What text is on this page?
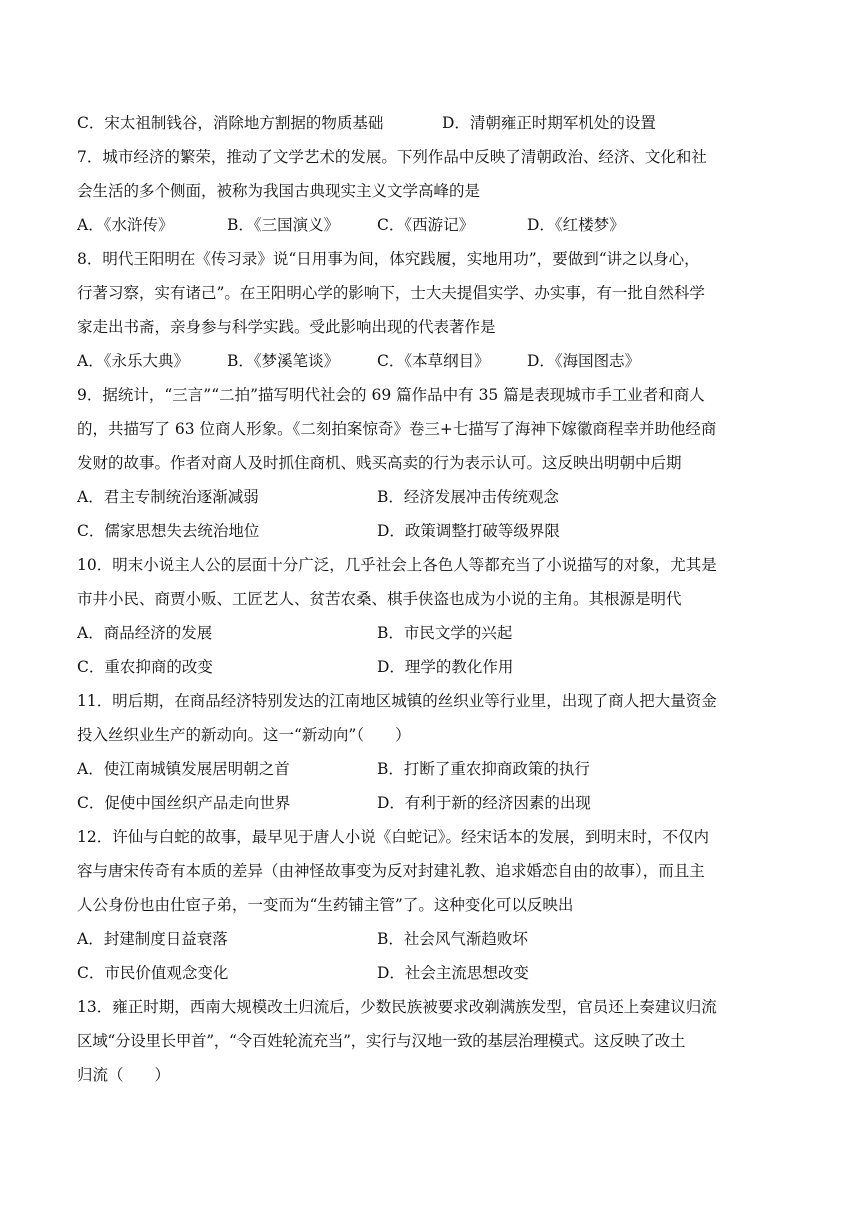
C．宋太祖制钱谷，消除地方割据的物质基础	D．清朝雍正时期军机处的设置
7．城市经济的繁荣，推动了文学艺术的发展。下列作品中反映了清朝政治、经济、文化和社
会生活的多个侧面，被称为我国古典现实主义文学高峰的是
A．《水浒传》	B．《三国演义》 C．《西游记》	D．《红楼梦》
8．明代王阳明在《传习录》说“日用事为间，体究践履，实地用功”，要做到“讲之以身心，
行著习察，实有诸己”。在王阳明心学的影响下，士大夫提倡实学、办实事，有一批自然科学
家走出书斋，亲身参与科学实践。受此影响出现的代表著作是
A．《永乐大典》 B．《梦溪笔谈》 C．《本草纲目》 D．《海国图志》
9．据统计，“三言”“二拍”描写明代社会的 69 篇作品中有 35 篇是表现城市手工业者和商人
的，共描写了 63 位商人形象。《二刻拍案惊奇》卷三+七描写了海神下嫁徽商程幸并助他经商
发财的故事。作者对商人及时抓住商机、贱买高卖的行为表示认可。这反映出明朝中后期
A．君主专制统治逐渐减弱	B．经济发展冲击传统观念
C．儒家思想失去统治地位	D．政策调整打破等级界限
10．明末小说主人公的层面十分广泛，几乎社会上各色人等都充当了小说描写的对象，尤其是
市井小民、商贾小贩、工匠艺人、贫苦农桑、棋手侠盗也成为小说的主角。其根源是明代
A．商品经济的发展	B．市民文学的兴起
C．重农抑商的改变	D．理学的教化作用
11．明后期，在商品经济特别发达的江南地区城镇的丝织业等行业里，出现了商人把大量资金
投入丝织业生产的新动向。这一“新动向”（　　）
A．使江南城镇发展居明朝之首	B．打断了重农抑商政策的执行
C．促使中国丝织产品走向世界	D．有利于新的经济因素的出现
12．许仙与白蛇的故事，最早见于唐人小说《白蛇记》。经宋话本的发展，到明末时，不仅内
容与唐宋传奇有本质的差异（由神怪故事变为反对封建礼教、追求婚恋自由的故事），而且主
人公身份也由仕宦子弟，一变而为“生药铺主管”了。这种变化可以反映出
A．封建制度日益衰落	B．社会风气渐趋败坏
C．市民价值观念变化	D．社会主流思想改变
13．雍正时期，西南大规模改土归流后，少数民族被要求改剃满族发型，官员还上奏建议归流
区域“分设里长甲首”，“令百姓轮流充当”，实行与汉地一致的基层治理模式。这反映了改土
归流（　　）
